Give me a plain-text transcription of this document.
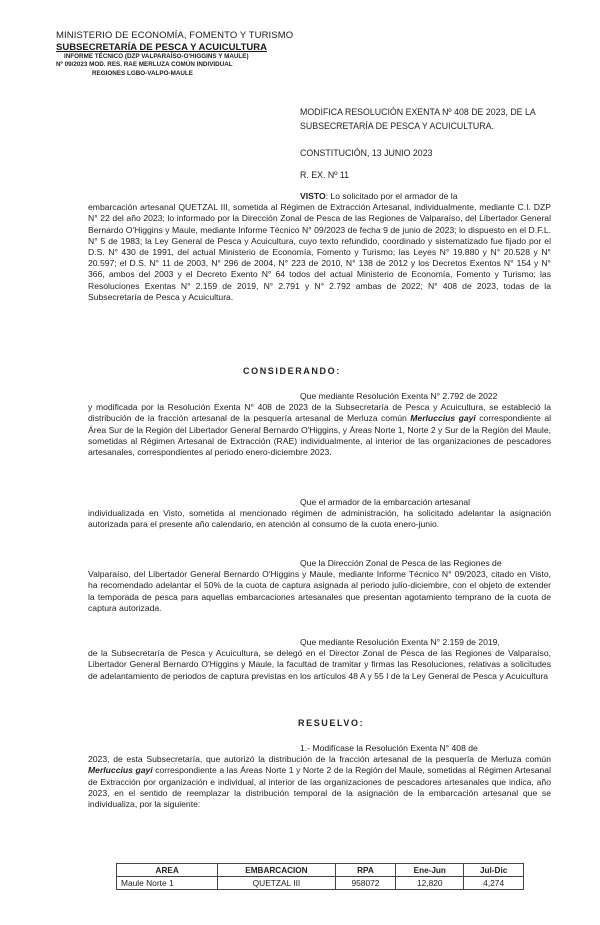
MINISTERIO DE ECONOMÍA, FOMENTO Y TURISMO
SUBSECRETARÍA DE PESCA Y ACUICULTURA
INFORME TÉCNICO (DZP VALPARAÍSO-O'HIGGINS Y MAULE)
Nº 09/2023 MOD. RES. RAE MERLUZA COMÚN INDIVIDUAL
REGIONES LGBO-VALPO-MAULE
MODIFICA RESOLUCIÓN EXENTA Nº 408 DE 2023, DE LA SUBSECRETARÍA DE PESCA Y ACUICULTURA.
CONSTITUCIÓN, 13 JUNIO 2023
R. EX. Nº 11
VISTO: Lo solicitado por el armador de la
embarcación artesanal QUETZAL III, sometida al Régimen de Extracción Artesanal, individualmente, mediante C.I. DZP N° 22 del año 2023; lo informado por la Dirección Zonal de Pesca de las Regiones de Valparaíso, del Libertador General Bernardo O'Higgins y Maule, mediante Informe Técnico N° 09/2023 de fecha 9 de junio de 2023; lo dispuesto en el D.F.L. N° 5 de 1983; la Ley General de Pesca y Acuicultura, cuyo texto refundido, coordinado y sistematizado fue fijado por el D.S. N° 430 de 1991, del actual Ministerio de Economía, Fomento y Turismo; las Leyes N° 19.880 y N° 20.528 y N° 20.597; el D.S. N° 11 de 2003, N° 296 de 2004, N° 223 de 2010, N° 138 de 2012 y los Decretos Exentos N° 154 y N° 366, ambos del 2003 y el Decreto Exento N° 64 todos del actual Ministerio de Economía, Fomento y Turismo; las Resoluciones Exentas N° 2.159 de 2019, N° 2.791 y N° 2.792 ambas de 2022; N° 408 de 2023, todas de la Subsecretaría de Pesca y Acuicultura.
CONSIDERANDO:
Que mediante Resolución Exenta N° 2.792 de 2022
y modificada por la Resolución Exenta N° 408 de 2023 de la Subsecretaría de Pesca y Acuicultura, se estableció la distribución de la fracción artesanal de la pesquería artesanal de Merluza común Merluccius gayi correspondiente al Área Sur de la Región del Libertador General Bernardo O'Higgins, y Áreas Norte 1, Norte 2 y Sur de la Región del Maule, sometidas al Régimen Artesanal de Extracción (RAE) individualmente, al interior de las organizaciones de pescadores artesanales, correspondientes al periodo enero-diciembre 2023.
Que el armador de la embarcación artesanal
individualizada en Visto, sometida al mencionado régimen de administración, ha solicitado adelantar la asignación autorizada para el presente año calendario, en atención al consumo de la cuota enero-junio.
Que la Dirección Zonal de Pesca de las Regiones de
Valparaíso, del Libertador General Bernardo O'Higgins y Maule, mediante Informe Técnico N° 09/2023, citado en Visto, ha recomendado adelantar el 50% de la cuota de captura asignada al periodo julio-diciembre, con el objeto de extender la temporada de pesca para aquellas embarcaciones artesanales que presentan agotamiento temprano de la cuota de captura autorizada.
Que mediante Resolución Exenta N° 2.159 de 2019,
de la Subsecretaría de Pesca y Acuicultura, se delegó en el Director Zonal de Pesca de las Regiones de Valparaíso, Libertador General Bernardo O'Higgins y Maule, la facultad de tramitar y firmas las Resoluciones, relativas a solicitudes de adelantamiento de periodos de captura previstas en los artículos 48 A y 55 I de la Ley General de Pesca y Acuicultura
RESUELVO:
1.- Modifícase la Resolución Exenta N° 408 de
2023, de esta Subsecretaría, que autorizó la distribución de la fracción artesanal de la pesquería de Merluza común Merluccius gayi correspondiente a las Áreas Norte 1 y Norte 2 de la Región del Maule, sometidas al Régimen Artesanal de Extracción por organización e individual, al interior de las organizaciones de pescadores artesanales que indica, año 2023, en el sentido de reemplazar la distribución temporal de la asignación de la embarcación artesanal que se individualiza, por la siguiente:
AREA	EMBARCACION	RPA	Ene-Jun	Jul-Dic
Maule Norte 1	QUETZAL III	958072	12,820	4,274
